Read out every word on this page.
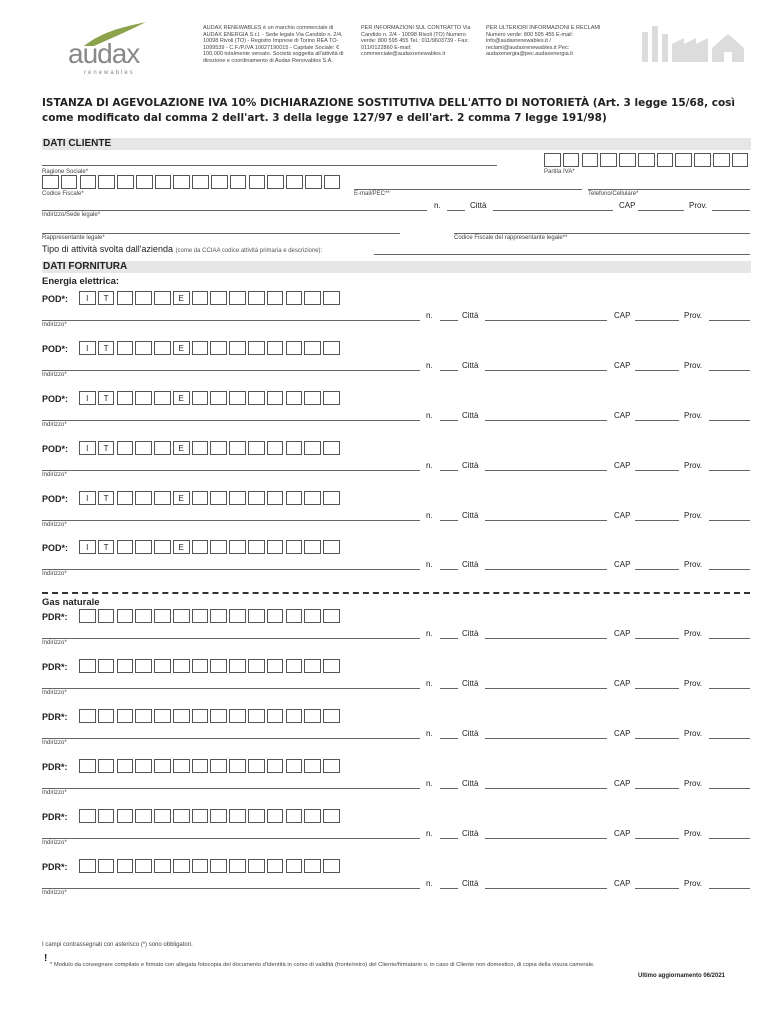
audax
renewables
AUDAX RENEWABLES è un marchio commerciale di AUDAX ENERGIA S.r.l. - Sede legale Via Candido n. 2/4, 10098 Rivoli (TO) - Registro Imprese di Torino REA TO-1099539 - C.F./P.IVA 10027190015 - Capitale Sociale: € 100.000 totalmente versato. Società soggetta all'attività di direzione e coordinamento di Audax Renovables S.A.
PER INFORMAZIONI SUL CONTRATTO Via Candido n. 2/4 - 10098 Rivoli (TO) Numero verde: 800 595 455 Tel.: 011/9603739 - Fax: 011/0122860 E-mail: commerciale@audaxrenewables.it
PER ULTERIORI INFORMAZIONI E RECLAMI Numero verde: 800 595 455 E-mail: info@audaxrenewables.it / reclami@audaxrenewables.it Pec: audaxenergia@pec.audaxenergia.it
ISTANZA DI AGEVOLAZIONE IVA 10% DICHIARAZIONE SOSTITUTIVA DELL'ATTO DI NOTORIETÀ (Art. 3 legge 15/68, così come modificato dal comma 2 dell'art. 3 della legge 127/97 e dell'art. 2 comma 7 legge 191/98)
DATI CLIENTE
Ragione Sociale*	Partita IVA*
Codice Fiscale*	E-mail/PEC**	Telefono/Cellulare*
Indirizzo/Sede legale*
n.	Città	CAP	Prov.
Rappresentante legale*	Codice Fiscale del rappresentante legale**
Tipo di attività svolta dall'azienda (come da CCIAA codice attività primaria e descrizione):
DATI FORNITURA
Energia elettrica:
POD*:	I	T	E
Indirizzo*
n.	Città	CAP	Prov.
POD*:	I	T	E
Indirizzo*
n.	Città	CAP	Prov.
POD*:	I	T	E
Indirizzo*
n.	Città	CAP	Prov.
POD*:	I	T	E
Indirizzo*
n.	Città	CAP	Prov.
POD*:	I	T	E
Indirizzo*
n.	Città	CAP	Prov.
POD*:	I	T	E
Indirizzo*
n.	Città	CAP	Prov.
Gas naturale
PDR*:
Indirizzo*
n.	Città	CAP	Prov.
PDR*:
Indirizzo*
n.	Città	CAP	Prov.
PDR*:
Indirizzo*
n.	Città	CAP	Prov.
PDR*:
Indirizzo*
n.	Città	CAP	Prov.
PDR*:
Indirizzo*
n.	Città	CAP	Prov.
PDR*:
Indirizzo*
n.	Città	CAP	Prov.
I campi contrassegnati con asterisco (*) sono obbligatori.
!
* Modulo da consegnare compilato e firmato con allegata fotocopia del documento d'identità in corso di validità (fronte/retro) del Cliente/firmatario o, in caso di Cliente non domestico, di copia della visura camerale.
Ultimo aggiornamento 06/2021
